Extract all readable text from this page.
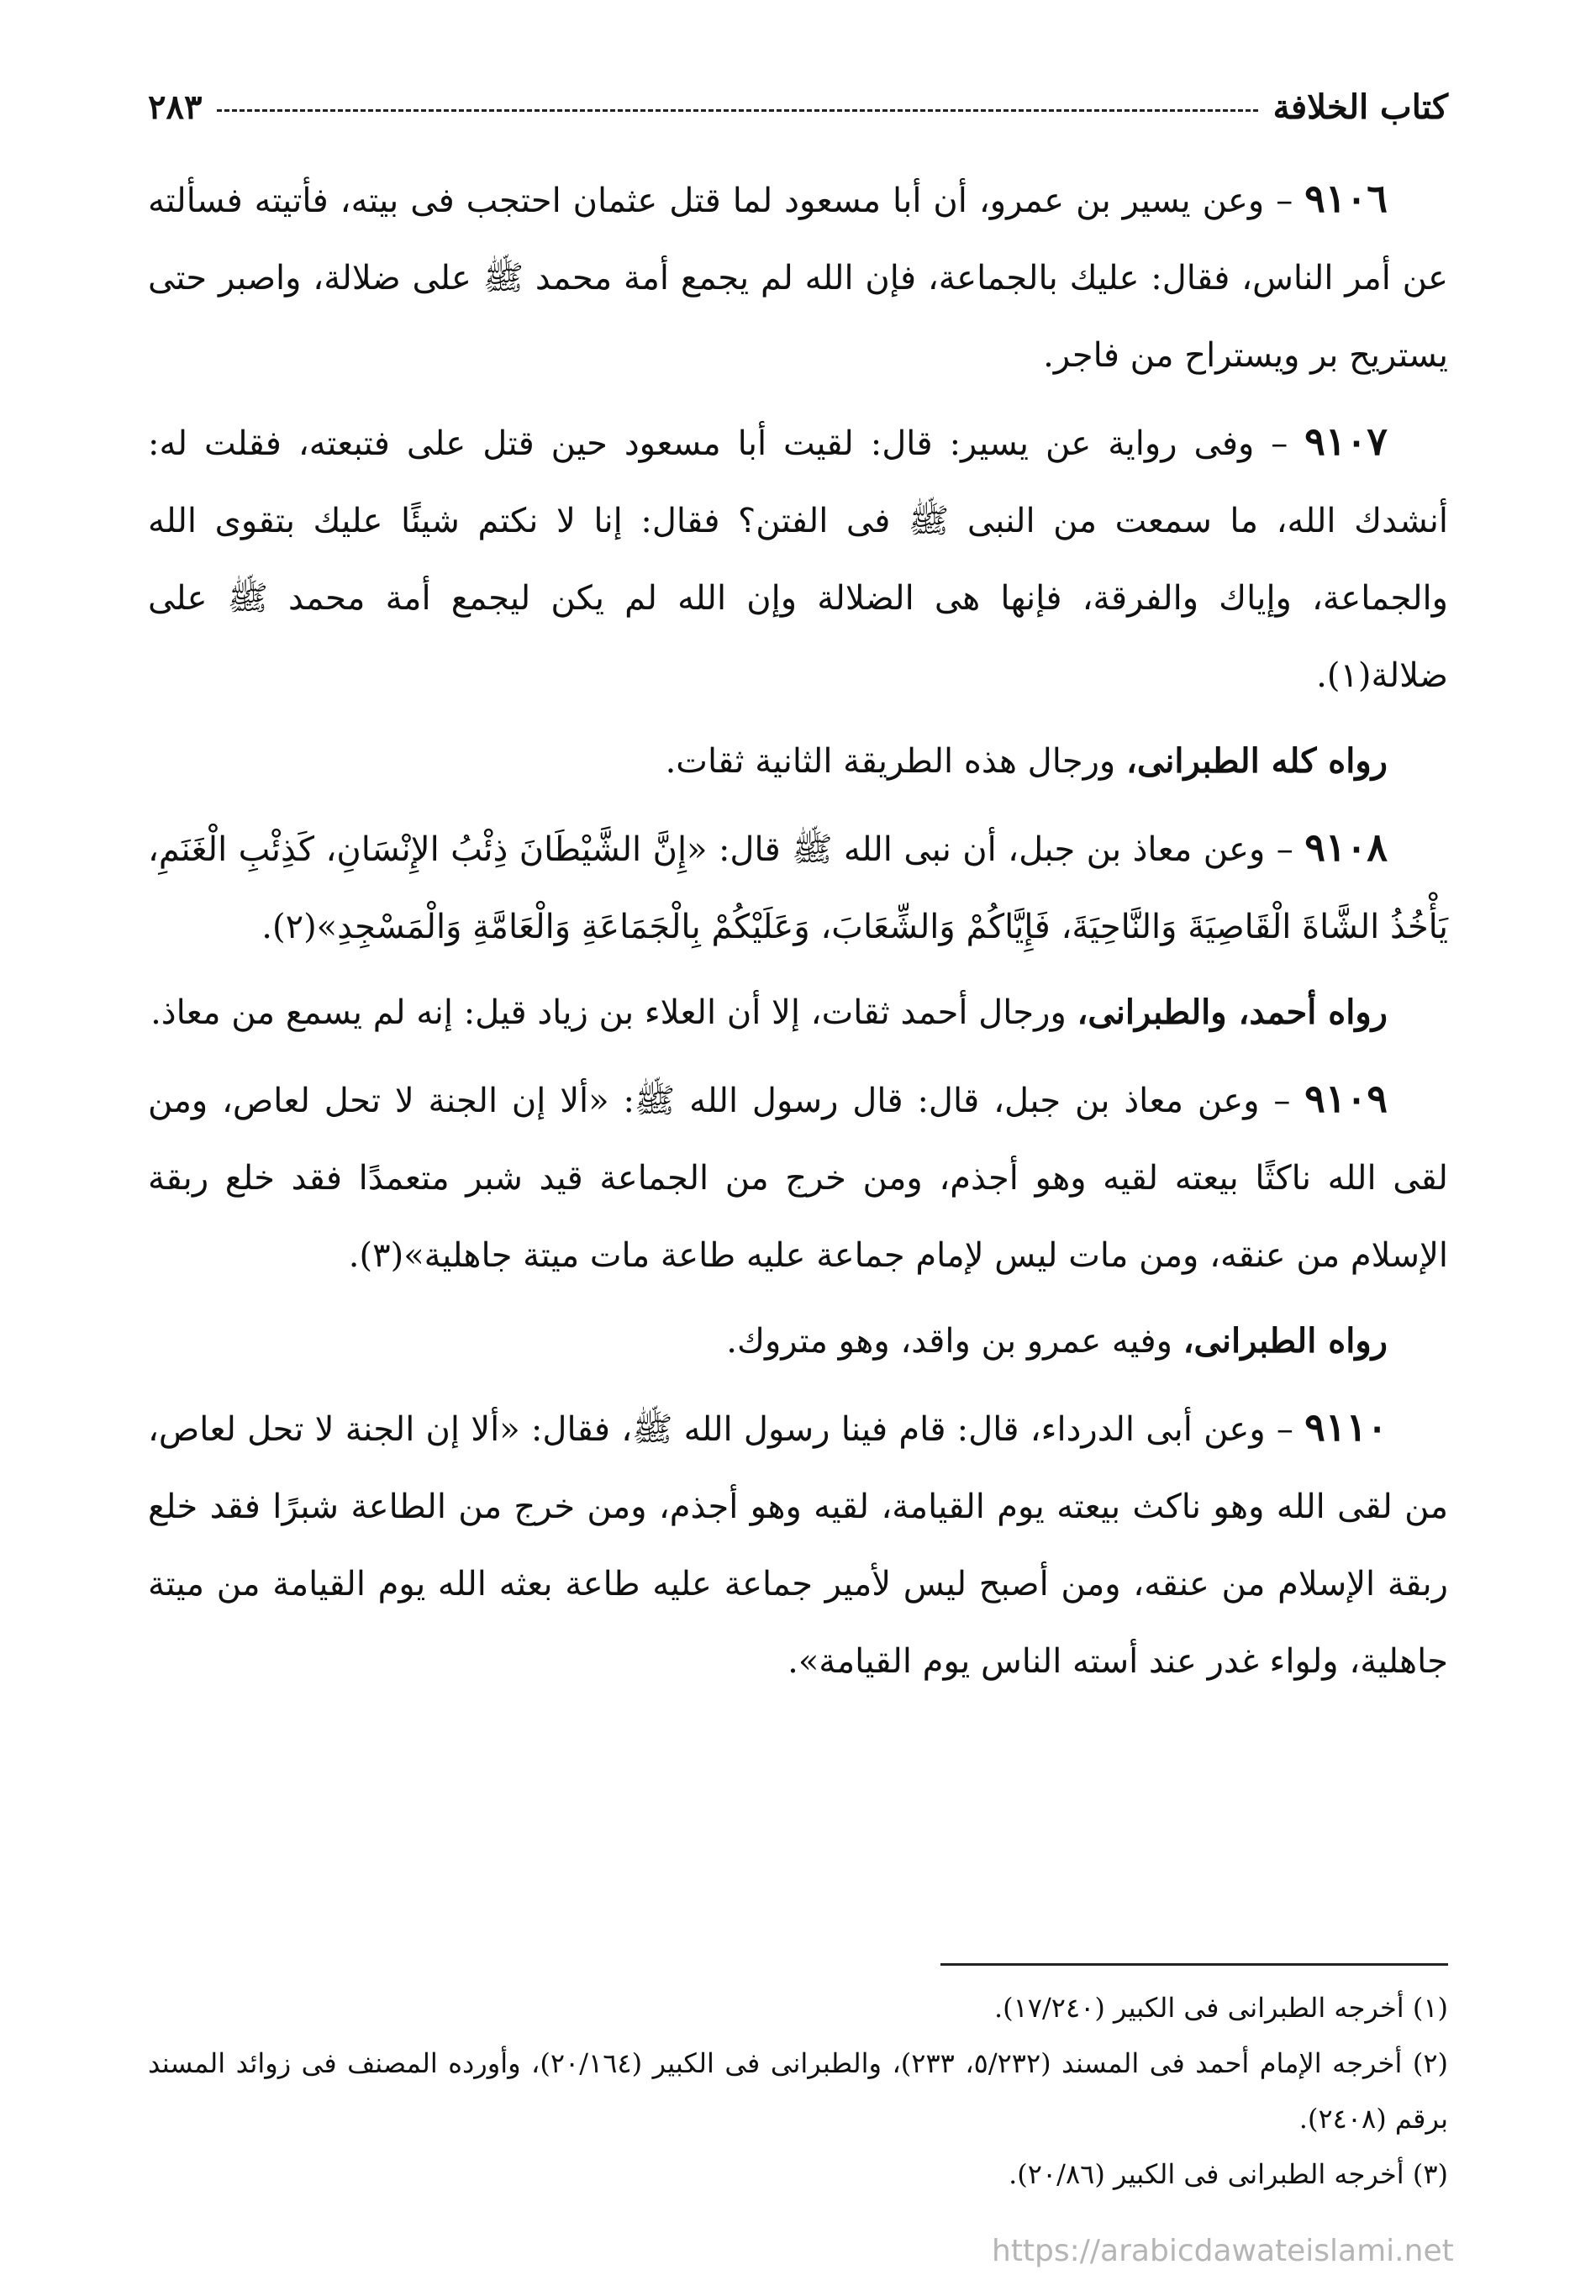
كتاب الخلافة
٢٨٣

٩١٠٦ – وعن يسير بن عمرو، أن أبا مسعود لما قتل عثمان احتجب فى بيته، فأتيته فسألته عن أمر الناس، فقال: عليك بالجماعة، فإن الله لم يجمع أمة محمد ﷺ على ضلالة، واصبر حتى يستريح بر ويستراح من فاجر.

٩١٠٧ – وفى رواية عن يسير: قال: لقيت أبا مسعود حين قتل على فتبعته، فقلت له: أنشدك الله، ما سمعت من النبى ﷺ فى الفتن؟ فقال: إنا لا نكتم شيئًا عليك بتقوى الله والجماعة، وإياك والفرقة، فإنها هى الضلالة وإن الله لم يكن ليجمع أمة محمد ﷺ على ضلالة(١).

رواه كله الطبرانى، ورجال هذه الطريقة الثانية ثقات.

٩١٠٨ – وعن معاذ بن جبل، أن نبى الله ﷺ قال: «إِنَّ الشَّيْطَانَ ذِئْبُ الإِنْسَانِ، كَذِئْبِ الْغَنَمِ، يَأْخُذُ الشَّاةَ الْقَاصِيَةَ وَالنَّاحِيَةَ، فَإِيَّاكُمْ وَالشِّعَابَ، وَعَلَيْكُمْ بِالْجَمَاعَةِ وَالْعَامَّةِ وَالْمَسْجِدِ»(٢).

رواه أحمد، والطبرانى، ورجال أحمد ثقات، إلا أن العلاء بن زياد قيل: إنه لم يسمع من معاذ.

٩١٠٩ – وعن معاذ بن جبل، قال: قال رسول الله ﷺ: «ألا إن الجنة لا تحل لعاص، ومن لقى الله ناكثًا بيعته لقيه وهو أجذم، ومن خرج من الجماعة قيد شبر متعمدًا فقد خلع ربقة الإسلام من عنقه، ومن مات ليس لإمام جماعة عليه طاعة مات ميتة جاهلية»(٣).

رواه الطبرانى، وفيه عمرو بن واقد، وهو متروك.

٩١١٠ – وعن أبى الدرداء، قال: قام فينا رسول الله ﷺ، فقال: «ألا إن الجنة لا تحل لعاص، من لقى الله وهو ناكث بيعته يوم القيامة، لقيه وهو أجذم، ومن خرج من الطاعة شبرًا فقد خلع ربقة الإسلام من عنقه، ومن أصبح ليس لأمير جماعة عليه طاعة بعثه الله يوم القيامة من ميتة جاهلية، ولواء غدر عند أسته الناس يوم القيامة».

(١) أخرجه الطبرانى فى الكبير (١٧/٢٤٠).

(٢) أخرجه الإمام أحمد فى المسند (٥/٢٣٢، ٢٣٣)، والطبرانى فى الكبير (٢٠/١٦٤)، وأورده المصنف فى زوائد المسند برقم (٢٤٠٨).

(٣) أخرجه الطبرانى فى الكبير (٢٠/٨٦).

https://arabicdawateislami.net
